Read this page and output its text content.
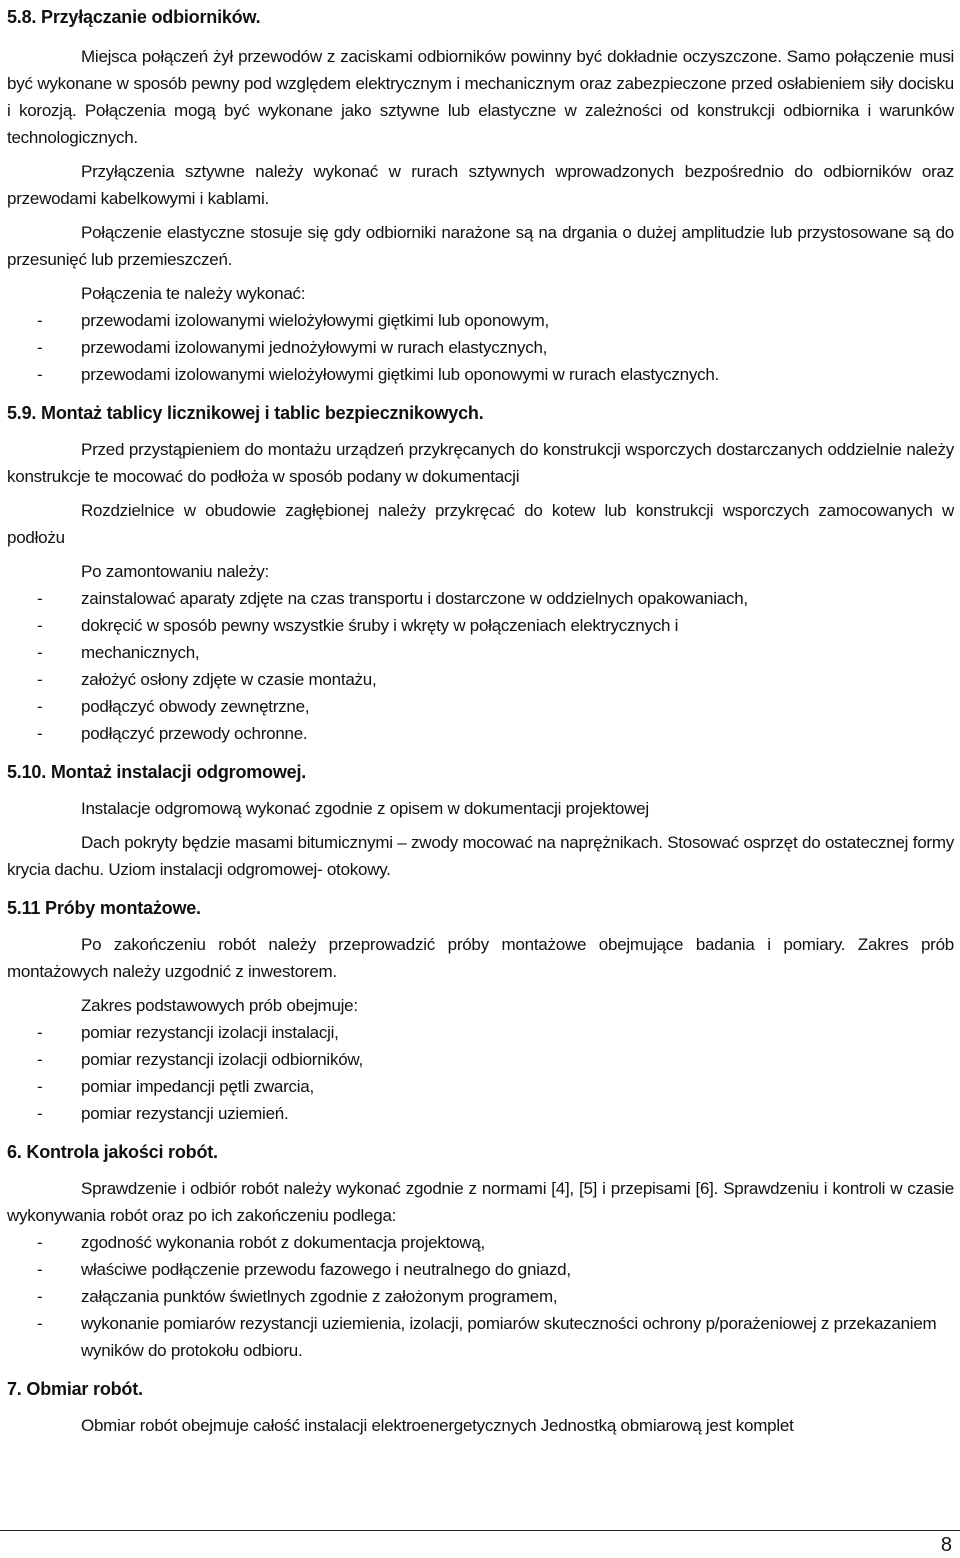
5.8. Przyłączanie odbiorników.

Miejsca połączeń żył przewodów z zaciskami odbiorników powinny być dokładnie oczyszczone. Samo połączenie musi być wykonane w sposób pewny pod względem elektrycznym i mechanicznym oraz zabezpieczone przed osłabieniem siły docisku i korozją. Połączenia mogą być wykonane jako sztywne lub elastyczne w zależności od konstrukcji odbiornika i warunków technologicznych.

Przyłączenia sztywne należy wykonać w rurach sztywnych wprowadzonych bezpośrednio do odbiorników oraz przewodami kabelkowymi i kablami.

Połączenie elastyczne stosuje się gdy odbiorniki narażone są na drgania o dużej amplitudzie lub przystosowane są do przesunięć lub przemieszczeń.

Połączenia te należy wykonać:

- przewodami izolowanymi wielożyłowymi giętkimi lub oponowym,
- przewodami izolowanymi jednożyłowymi w rurach elastycznych,
- przewodami izolowanymi wielożyłowymi giętkimi lub oponowymi w rurach elastycznych.
5.9. Montaż tablicy licznikowej i tablic bezpiecznikowych.

Przed przystąpieniem do montażu urządzeń przykręcanych do konstrukcji wsporczych dostarczanych oddzielnie należy konstrukcje te mocować do podłoża w sposób podany w dokumentacji

Rozdzielnice w obudowie zagłębionej należy przykręcać do kotew lub konstrukcji wsporczych zamocowanych w podłożu

Po zamontowaniu należy:

- zainstalować aparaty zdjęte na czas transportu i dostarczone w oddzielnych opakowaniach,
- dokręcić w sposób pewny wszystkie śruby i wkręty w połączeniach elektrycznych i
- mechanicznych,
- założyć osłony zdjęte w czasie montażu,
- podłączyć obwody zewnętrzne,
- podłączyć przewody ochronne.
5.10. Montaż instalacji odgromowej.

Instalacje odgromową wykonać zgodnie z opisem w dokumentacji projektowej

Dach pokryty będzie masami bitumicznymi – zwody mocować na naprężnikach. Stosować osprzęt do ostatecznej formy krycia dachu. Uziom instalacji odgromowej- otokowy.

5.11 Próby montażowe.

Po zakończeniu robót należy przeprowadzić próby montażowe obejmujące badania i pomiary. Zakres prób montażowych należy uzgodnić z inwestorem.

Zakres podstawowych prób obejmuje:

- pomiar rezystancji izolacji instalacji,
- pomiar rezystancji izolacji odbiorników,
- pomiar impedancji pętli zwarcia,
- pomiar rezystancji uziemień.
6. Kontrola jakości robót.

Sprawdzenie i odbiór robót należy wykonać zgodnie z normami [4], [5] i przepisami [6]. Sprawdzeniu i kontroli w czasie wykonywania robót oraz po ich zakończeniu podlega:

- zgodność wykonania robót z dokumentacja projektową,
- właściwe podłączenie przewodu fazowego i neutralnego do gniazd,
- załączania punktów świetlnych zgodnie z założonym programem,
- wykonanie pomiarów rezystancji uziemienia, izolacji, pomiarów skuteczności ochrony p/porażeniowej z przekazaniem wyników do protokołu odbioru.
7. Obmiar robót.

Obmiar robót obejmuje całość instalacji elektroenergetycznych Jednostką obmiarową jest komplet

8
